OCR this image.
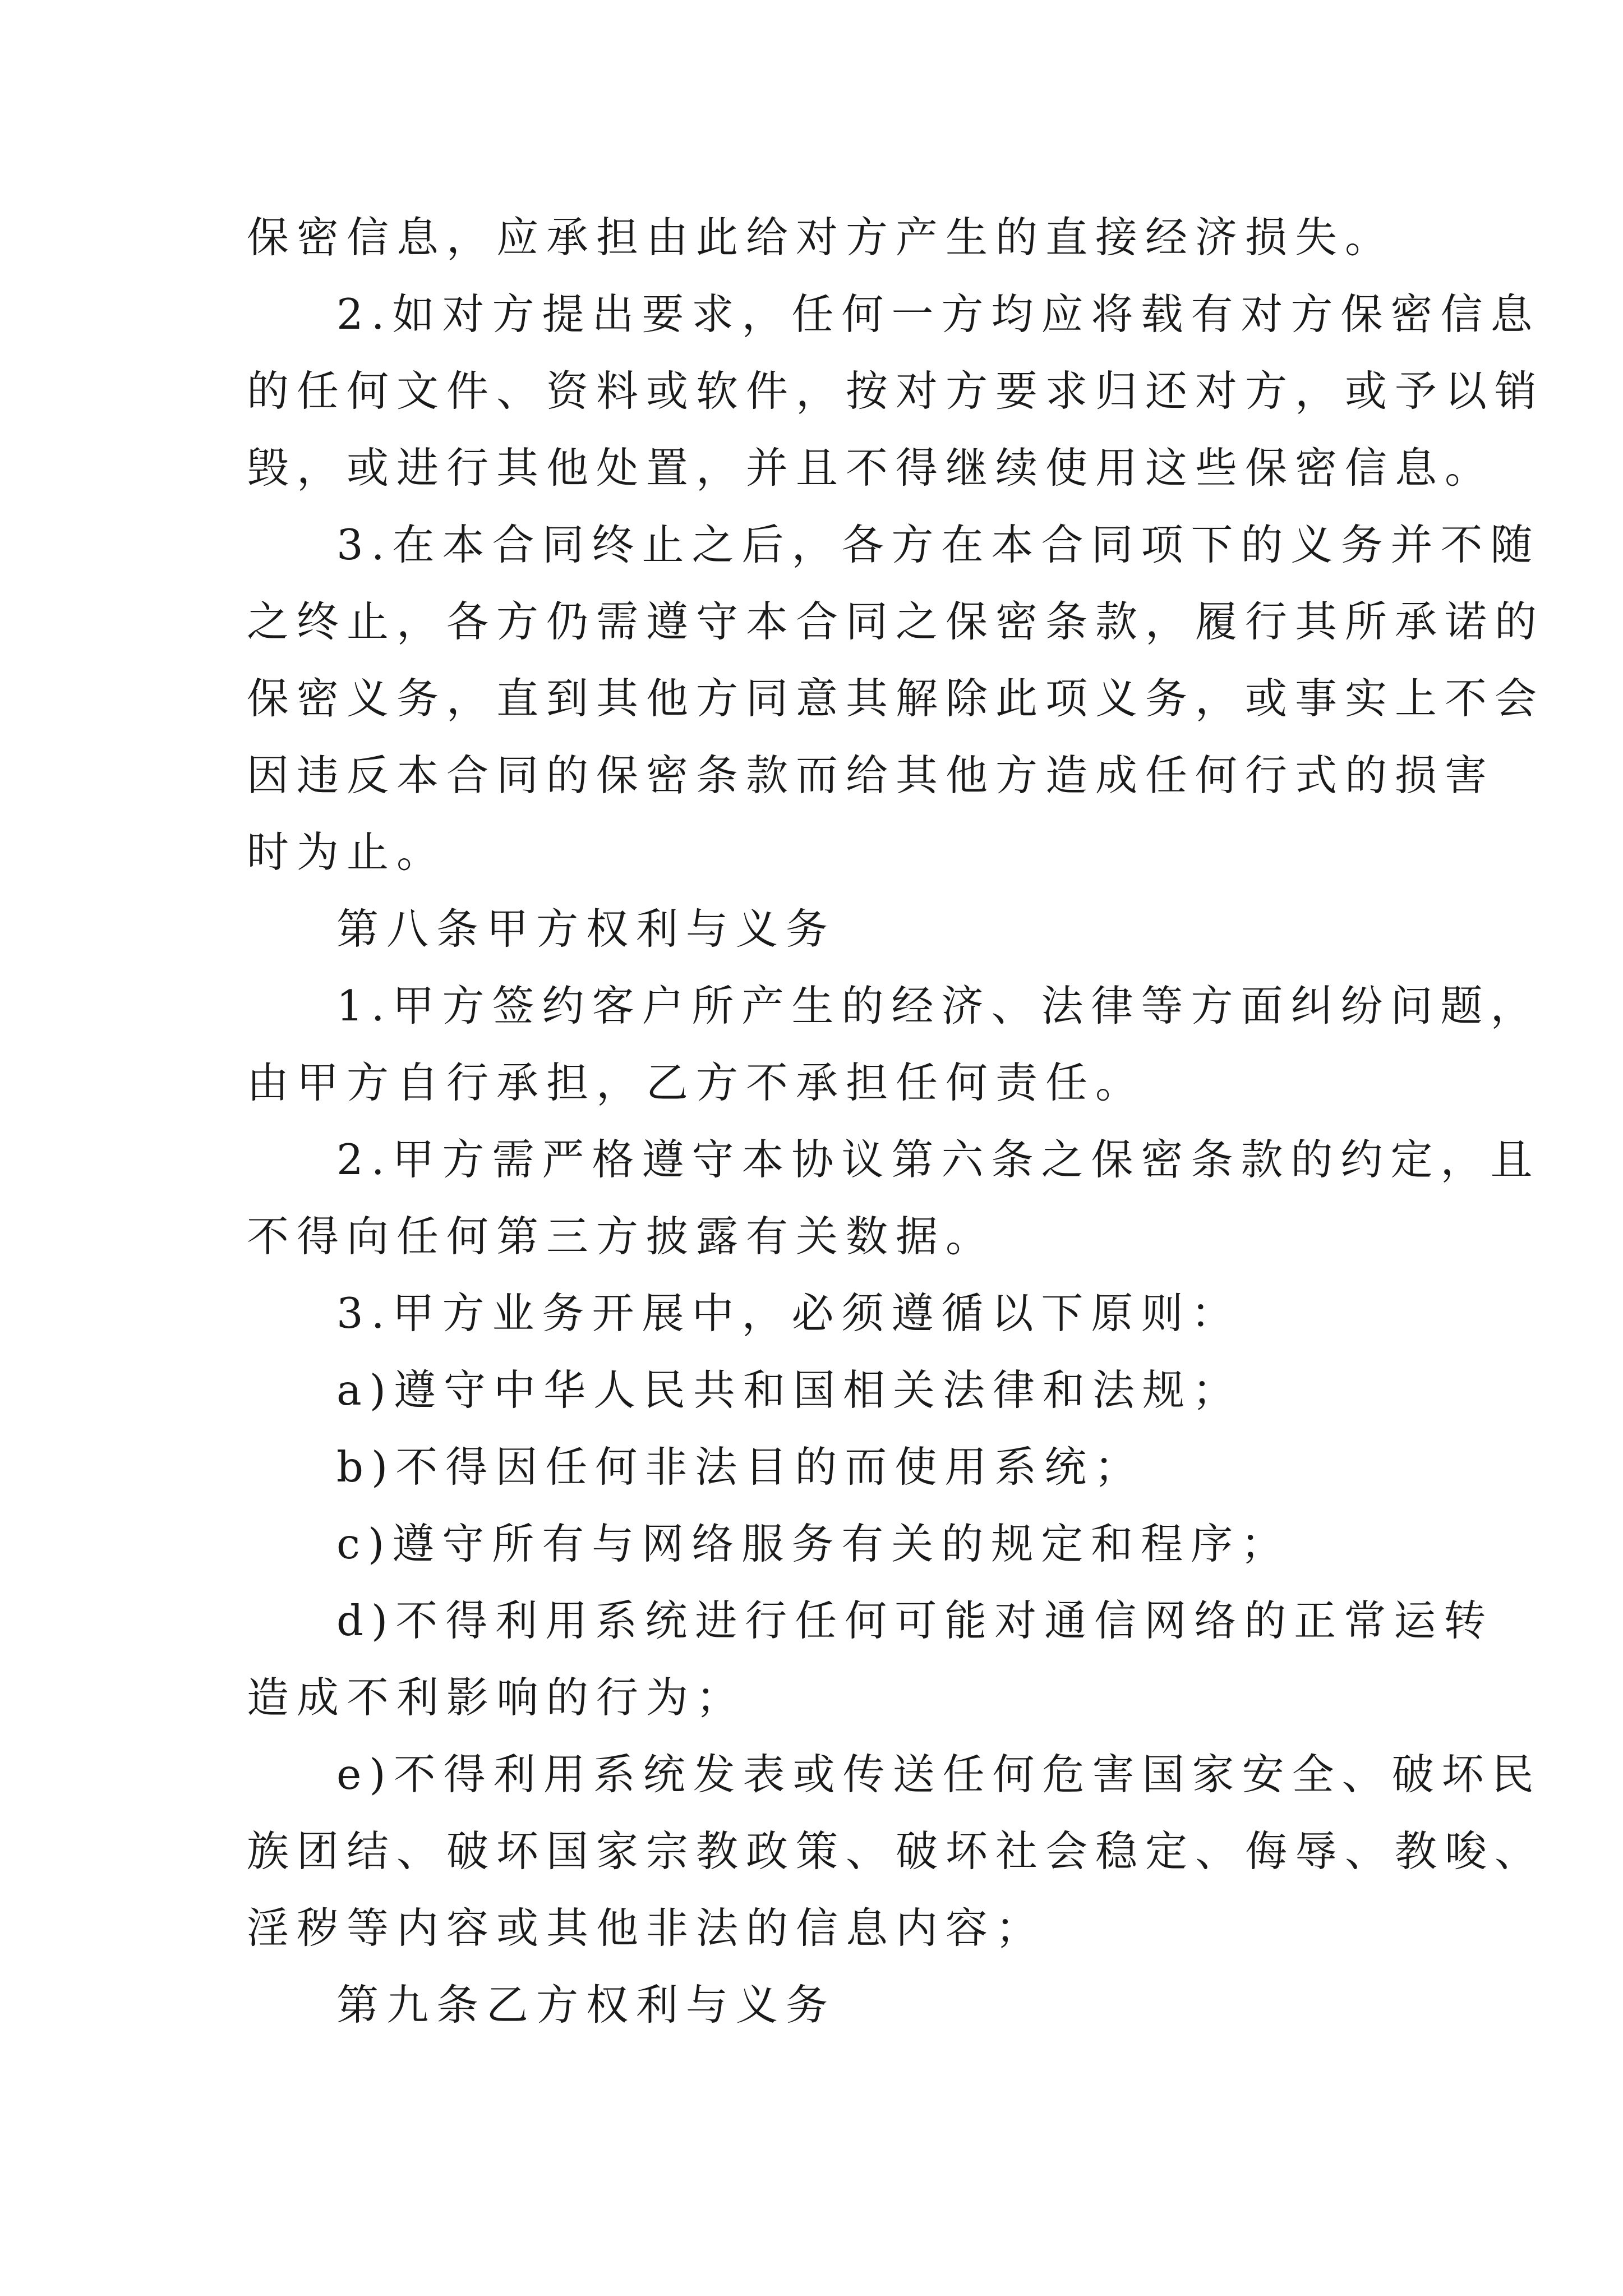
保密信息，应承担由此给对方产生的直接经济损失。
2.如对方提出要求，任何一方均应将载有对方保密信息
的任何文件、资料或软件，按对方要求归还对方，或予以销
毁，或进行其他处置，并且不得继续使用这些保密信息。
3.在本合同终止之后，各方在本合同项下的义务并不随
之终止，各方仍需遵守本合同之保密条款，履行其所承诺的
保密义务，直到其他方同意其解除此项义务，或事实上不会
因违反本合同的保密条款而给其他方造成任何行式的损害
时为止。
第八条甲方权利与义务
1.甲方签约客户所产生的经济、法律等方面纠纷问题，
由甲方自行承担，乙方不承担任何责任。
2.甲方需严格遵守本协议第六条之保密条款的约定，且
不得向任何第三方披露有关数据。
3.甲方业务开展中，必须遵循以下原则：
a)遵守中华人民共和国相关法律和法规；
b)不得因任何非法目的而使用系统；
c)遵守所有与网络服务有关的规定和程序；
d)不得利用系统进行任何可能对通信网络的正常运转
造成不利影响的行为；
e)不得利用系统发表或传送任何危害国家安全、破坏民
族团结、破坏国家宗教政策、破坏社会稳定、侮辱、教唆、
淫秽等内容或其他非法的信息内容；
第九条乙方权利与义务
